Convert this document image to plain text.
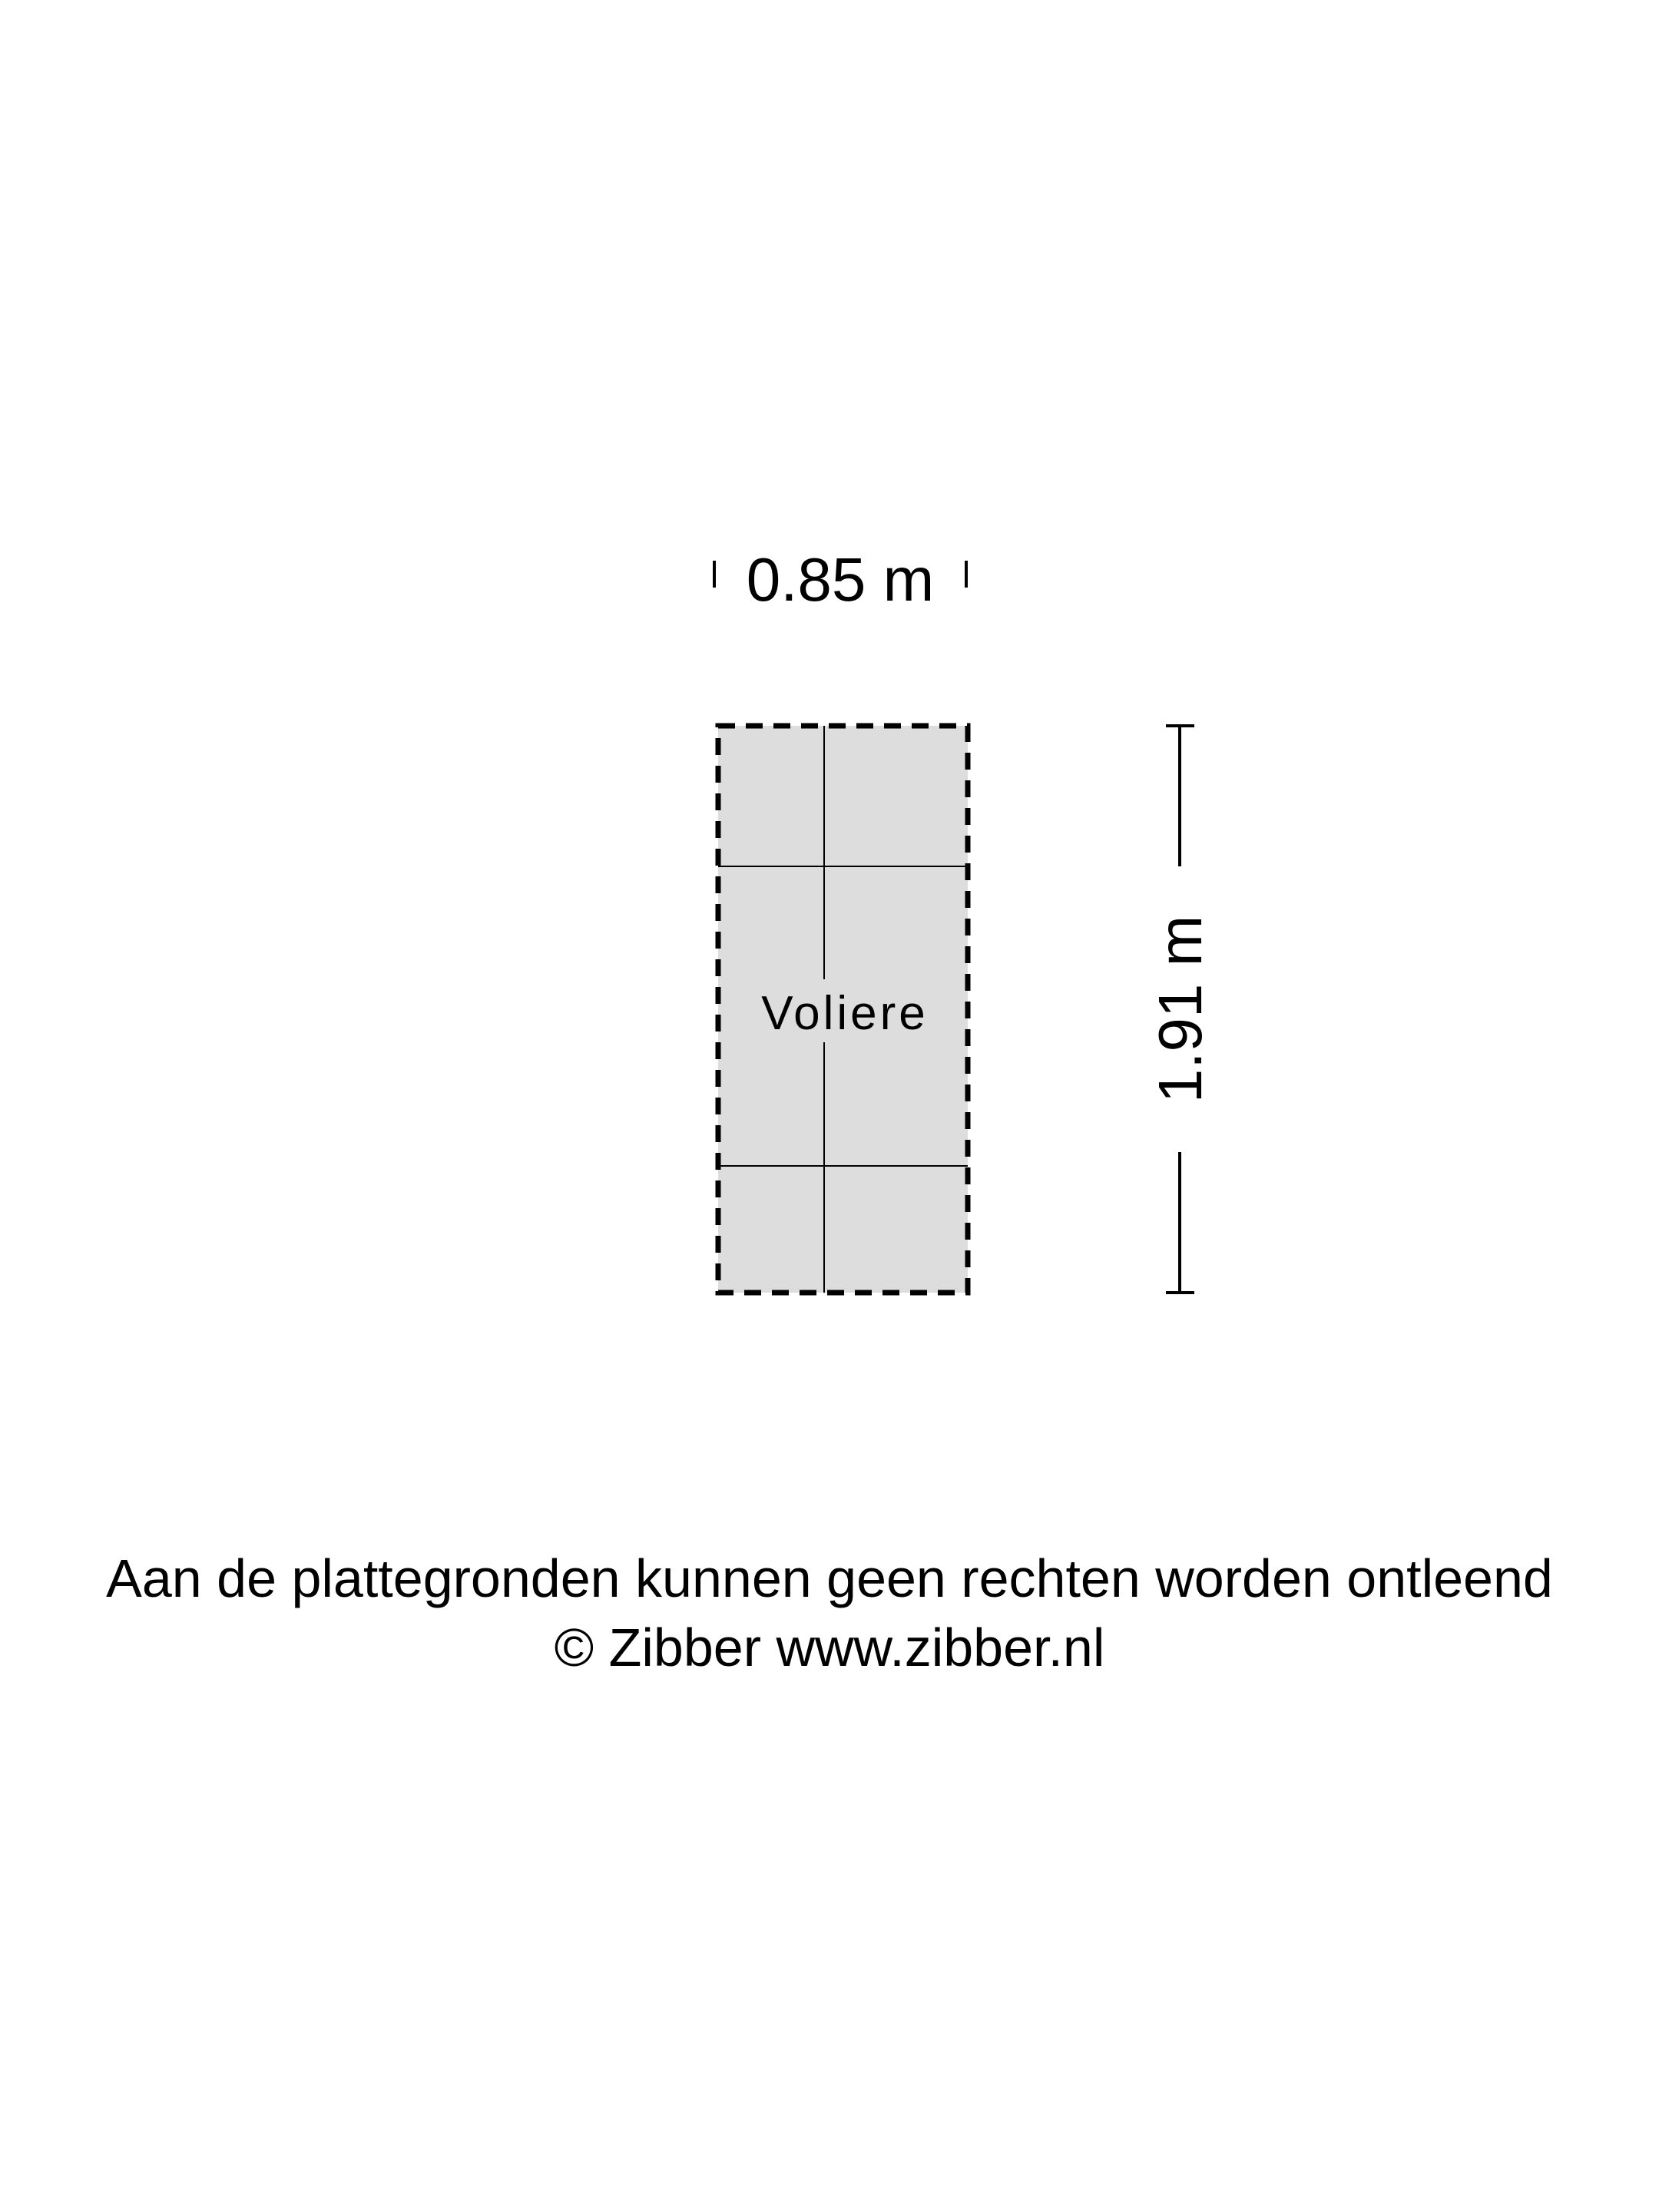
0.85 m
Voliere	1.91 m
Aan de plattegronden kunnen geen rechten worden ontleend
© Zibber www.zibber.nl
